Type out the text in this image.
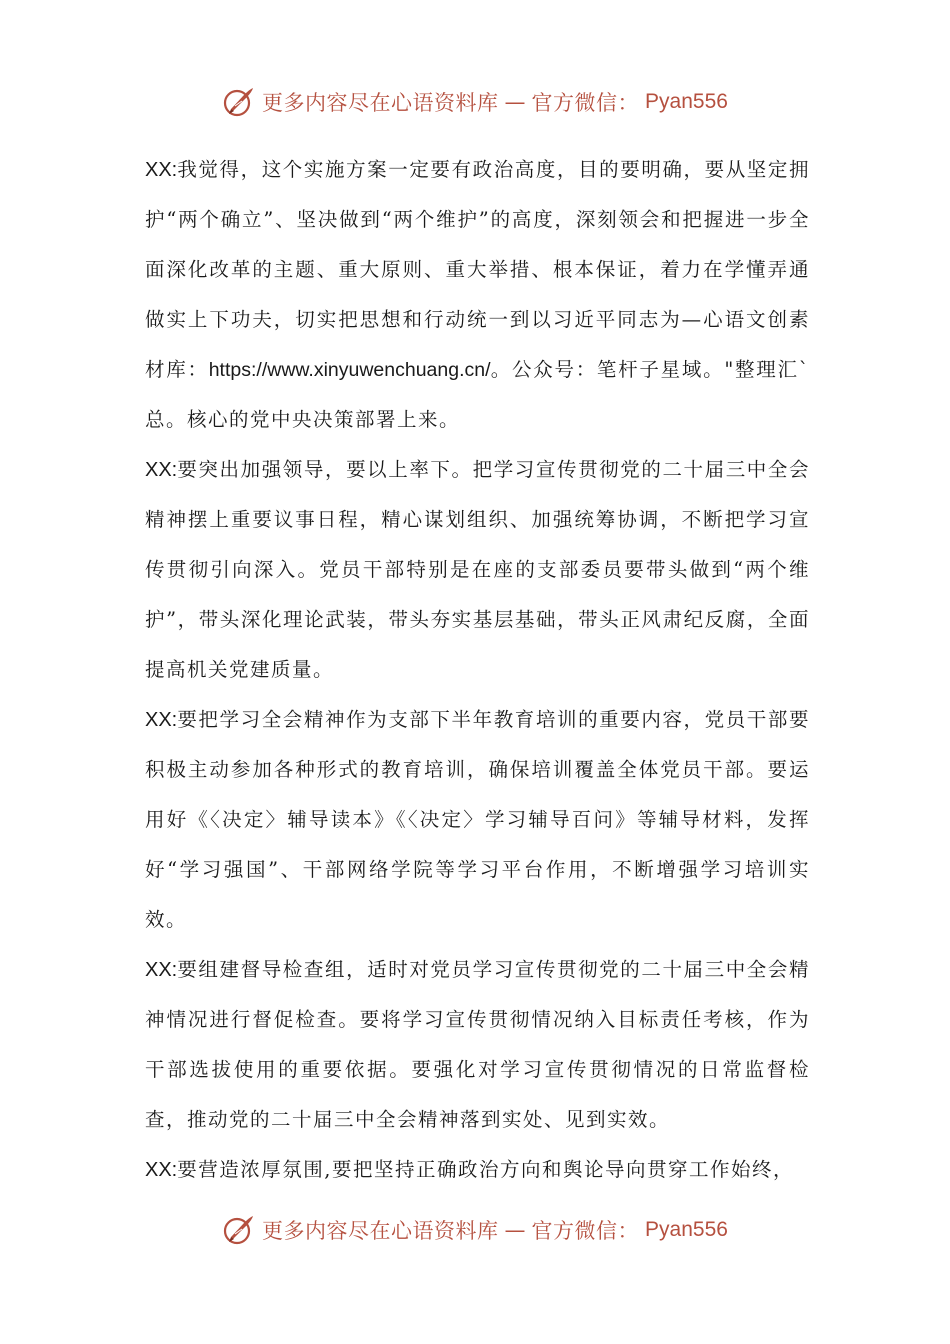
更多内容尽在心语资料库 — 官方微信： Pyan556

XX:我觉得，这个实施方案一定要有政治高度，目的要明确，要从坚定拥护“两个确立”、坚决做到“两个维护”的高度，深刻领会和把握进一步全面深化改革的主题、重大原则、重大举措、根本保证，着力在学懂弄通做实上下功夫，切实把思想和行动统一到以习近平同志为—心语文创素材库：https://www.xinyuwenchuang.cn/。公众号：笔杆子星域。"整理汇`总。核心的党中央决策部署上来。

XX:要突出加强领导，要以上率下。把学习宣传贯彻党的二十届三中全会精神摆上重要议事日程，精心谋划组织、加强统筹协调，不断把学习宣传贯彻引向深入。党员干部特别是在座的支部委员要带头做到“两个维护”，带头深化理论武装，带头夯实基层基础，带头正风肃纪反腐，全面提高机关党建质量。

XX:要把学习全会精神作为支部下半年教育培训的重要内容，党员干部要积极主动参加各种形式的教育培训，确保培训覆盖全体党员干部。要运用好《〈决定〉辅导读本》《〈决定〉学习辅导百问》等辅导材料，发挥好“学习强国”、干部网络学院等学习平台作用，不断增强学习培训实效。

XX:要组建督导检查组，适时对党员学习宣传贯彻党的二十届三中全会精神情况进行督促检查。要将学习宣传贯彻情况纳入目标责任考核，作为干部选拔使用的重要依据。要强化对学习宣传贯彻情况的日常监督检查，推动党的二十届三中全会精神落到实处、见到实效。

XX:要营造浓厚氛围,要把坚持正确政治方向和舆论导向贯穿工作始终，

更多内容尽在心语资料库 — 官方微信： Pyan556
